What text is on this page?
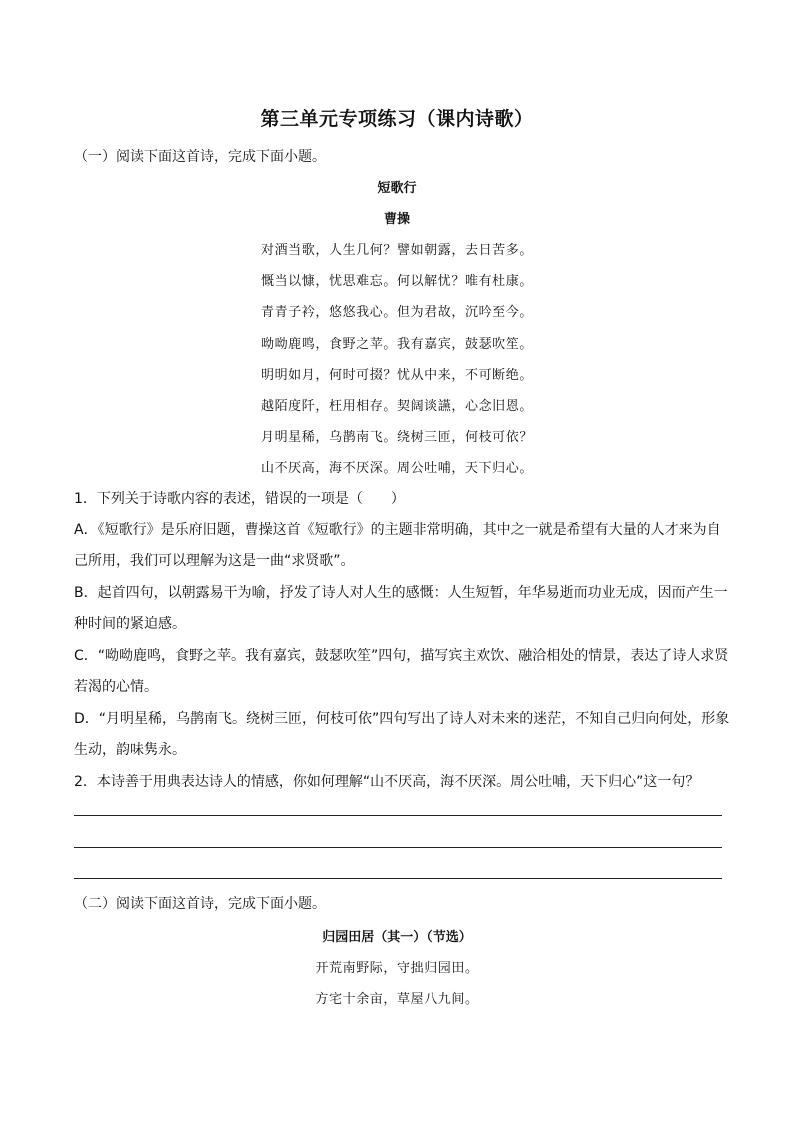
第三单元专项练习（课内诗歌）
（一）阅读下面这首诗，完成下面小题。
短歌行
曹操
对酒当歌，人生几何？譬如朝露，去日苦多。
慨当以慷，忧思难忘。何以解忧？唯有杜康。
青青子衿，悠悠我心。但为君故，沉吟至今。
呦呦鹿鸣，食野之苹。我有嘉宾，鼓瑟吹笙。
明明如月，何时可掇？忧从中来，不可断绝。
越陌度阡，枉用相存。契阔谈讌，心念旧恩。
月明星稀，乌鹊南飞。绕树三匝，何枝可依？
山不厌高，海不厌深。周公吐哺，天下归心。
1．下列关于诗歌内容的表述，错误的一项是（　　）
A．《短歌行》是乐府旧题，曹操这首《短歌行》的主题非常明确，其中之一就是希望有大量的人才来为自
己所用，我们可以理解为这是一曲“求贤歌”。
B．起首四句，以朝露易干为喻，抒发了诗人对人生的感慨：人生短暂，年华易逝而功业无成，因而产生一
种时间的紧迫感。
C．“呦呦鹿鸣，食野之苹。我有嘉宾，鼓瑟吹笙”四句，描写宾主欢饮、融洽相处的情景，表达了诗人求贤
若渴的心情。
D．“月明星稀，乌鹊南飞。绕树三匝，何枝可依”四句写出了诗人对未来的迷茫，不知自己归向何处，形象
生动，韵味隽永。
2．本诗善于用典表达诗人的情感，你如何理解“山不厌高，海不厌深。周公吐哺，天下归心”这一句？
（二）阅读下面这首诗，完成下面小题。
归园田居（其一）（节选）
开荒南野际，守拙归园田。
方宅十余亩，草屋八九间。
